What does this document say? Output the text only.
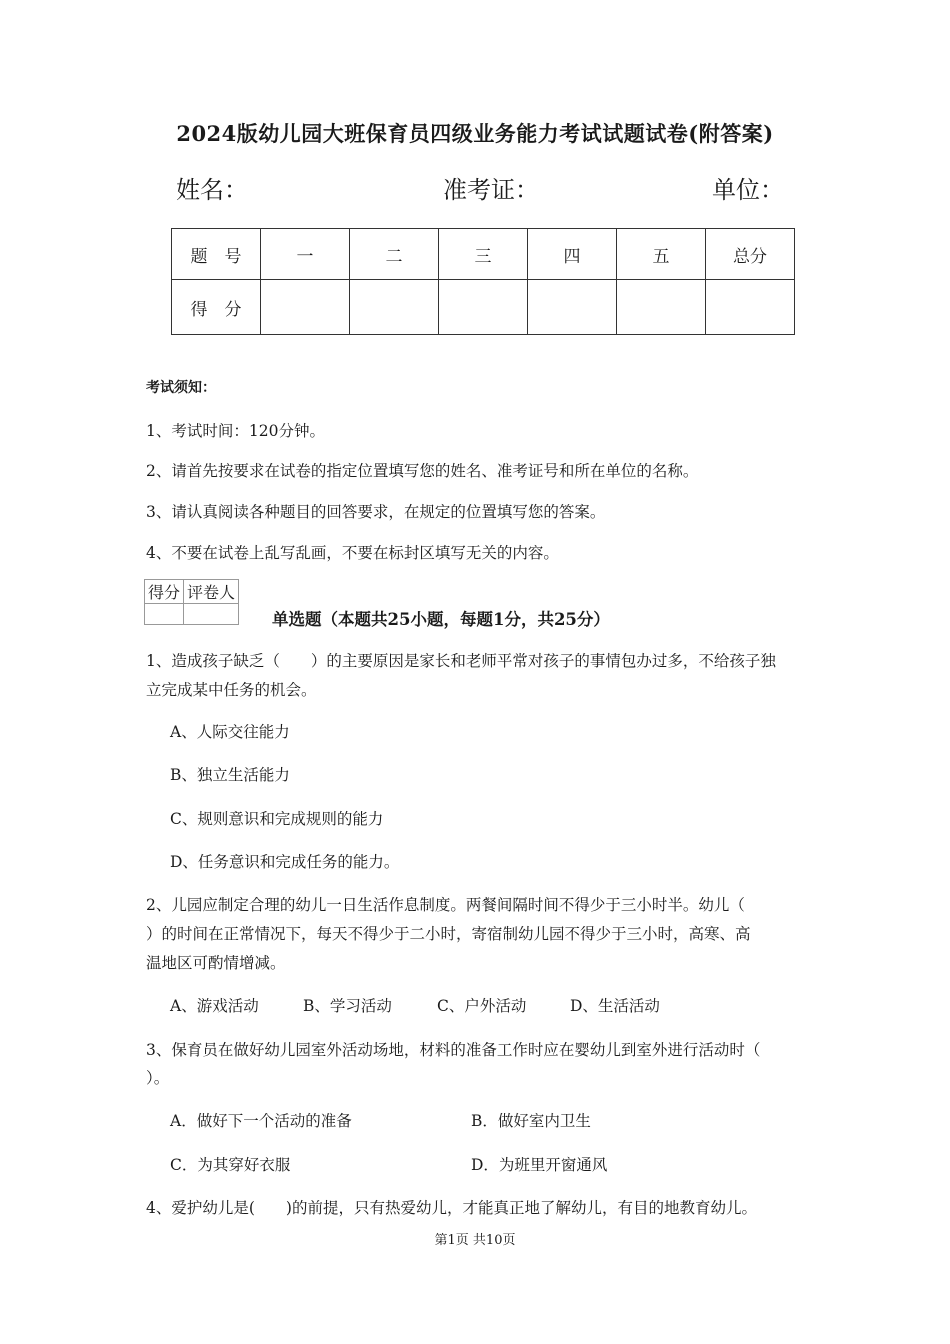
2024版幼儿园大班保育员四级业务能力考试试题试卷(附答案)
姓名：	准考证：	单位：
题　号	一	二	三	四	五	总分
得　分						
考试须知：
1、考试时间：120分钟。
2、请首先按要求在试卷的指定位置填写您的姓名、准考证号和所在单位的名称。
3、请认真阅读各种题目的回答要求，在规定的位置填写您的答案。
4、不要在试卷上乱写乱画，不要在标封区填写无关的内容。
得分	评卷人

单选题（本题共25小题，每题1分，共25分）
1、造成孩子缺乏（　　）的主要原因是家长和老师平常对孩子的事情包办过多，不给孩子独
立完成某中任务的机会。
A、人际交往能力
B、独立生活能力
C、规则意识和完成规则的能力
D、任务意识和完成任务的能力。
2、儿园应制定合理的幼儿一日生活作息制度。两餐间隔时间不得少于三小时半。幼儿（
）的时间在正常情况下，每天不得少于二小时，寄宿制幼儿园不得少于三小时，高寒、高
温地区可酌情增减。
A、游戏活动	B、学习活动	C、户外活动	D、生活活动
3、保育员在做好幼儿园室外活动场地，材料的准备工作时应在婴幼儿到室外进行活动时（
）。
A．做好下一个活动的准备	B．做好室内卫生
C．为其穿好衣服	D．为班里开窗通风
4、爱护幼儿是(　　)的前提，只有热爱幼儿，才能真正地了解幼儿，有目的地教育幼儿。
第1页 共10页
